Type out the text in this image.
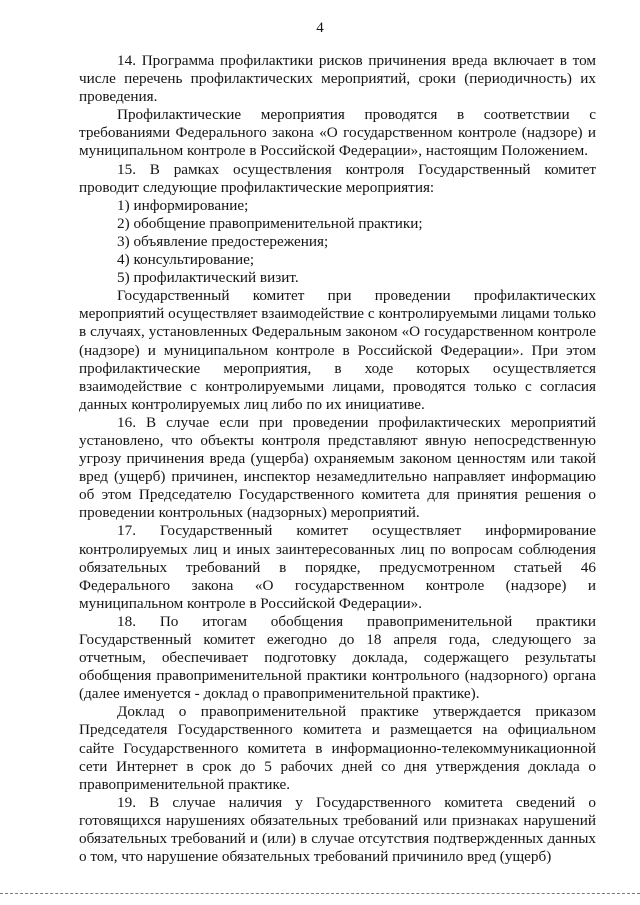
4

14. Программа профилактики рисков причинения вреда включает в том числе перечень профилактических мероприятий, сроки (периодичность) их проведения.

Профилактические мероприятия проводятся в соответствии с требованиями Федерального закона «О государственном контроле (надзоре) и муниципальном контроле в Российской Федерации», настоящим Положением.

15. В рамках осуществления контроля Государственный комитет проводит следующие профилактические мероприятия:

1) информирование;

2) обобщение правоприменительной практики;

3) объявление предостережения;

4) консультирование;

5) профилактический визит.

Государственный комитет при проведении профилактических мероприятий осуществляет взаимодействие с контролируемыми лицами только в случаях, установленных Федеральным законом «О государственном контроле (надзоре) и муниципальном контроле в Российской Федерации». При этом профилактические мероприятия, в ходе которых осуществляется взаимодействие с контролируемыми лицами, проводятся только с согласия данных контролируемых лиц либо по их инициативе.

16. В случае если при проведении профилактических мероприятий установлено, что объекты контроля представляют явную непосредственную угрозу причинения вреда (ущерба) охраняемым законом ценностям или такой вред (ущерб) причинен, инспектор незамедлительно направляет информацию об этом Председателю Государственного комитета для принятия решения о проведении контрольных (надзорных) мероприятий.

17. Государственный комитет осуществляет информирование контролируемых лиц и иных заинтересованных лиц по вопросам соблюдения обязательных требований в порядке, предусмотренном статьей 46 Федерального закона «О государственном контроле (надзоре) и муниципальном контроле в Российской Федерации».

18. По итогам обобщения правоприменительной практики Государственный комитет ежегодно до 18 апреля года, следующего за отчетным, обеспечивает подготовку доклада, содержащего результаты обобщения правоприменительной практики контрольного (надзорного) органа (далее именуется - доклад о правоприменительной практике).

Доклад о правоприменительной практике утверждается приказом Председателя Государственного комитета и размещается на официальном сайте Государственного комитета в информационно-телекоммуникационной сети Интернет в срок до 5 рабочих дней со дня утверждения доклада о правоприменительной практике.

19. В случае наличия у Государственного комитета сведений о готовящихся нарушениях обязательных требований или признаках нарушений обязательных требований и (или) в случае отсутствия подтвержденных данных о том, что нарушение обязательных требований причинило вред (ущерб)
